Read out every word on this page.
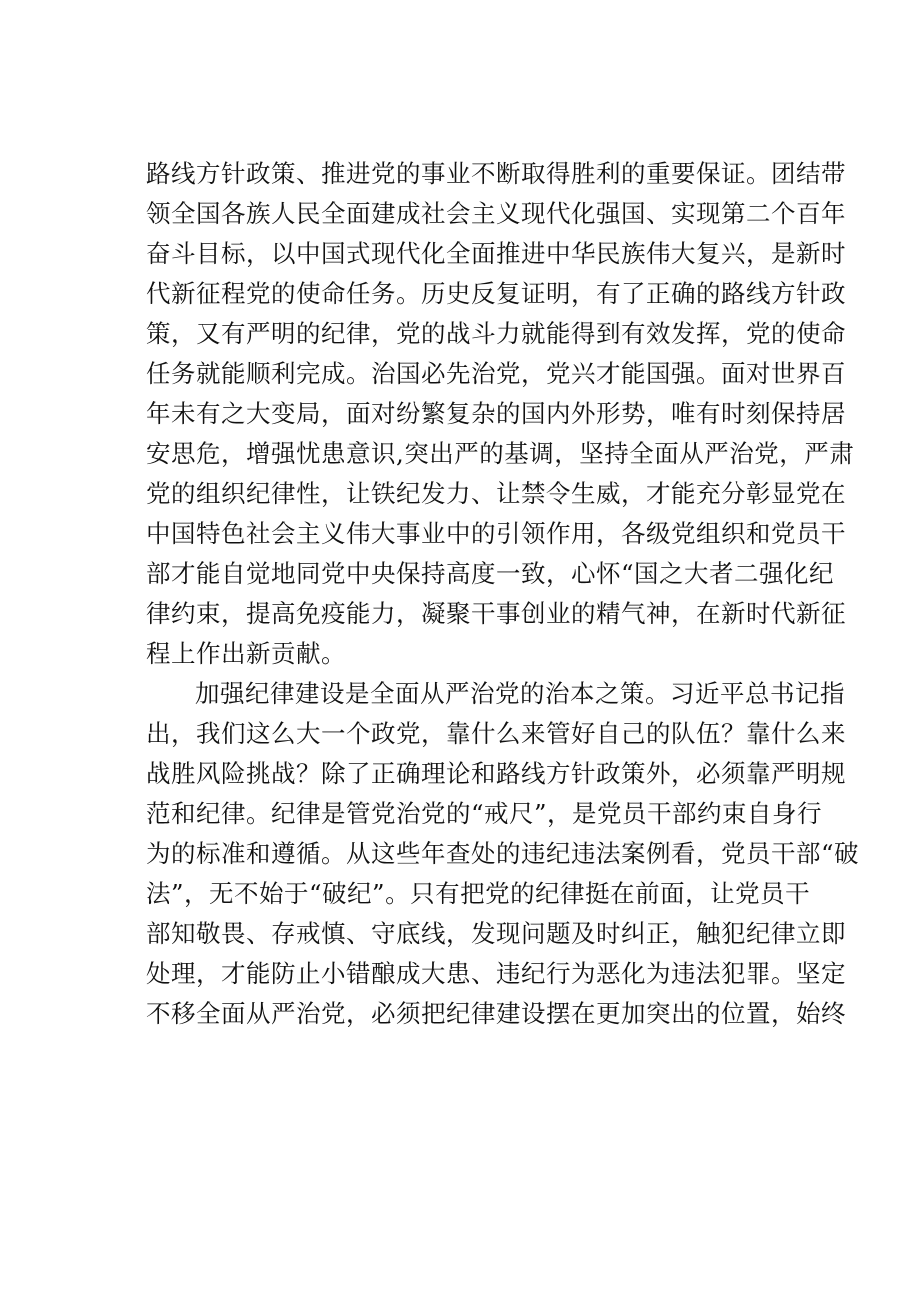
路线方针政策、推进党的事业不断取得胜利的重要保证。团结带
领全国各族人民全面建成社会主义现代化强国、实现第二个百年
奋斗目标，以中国式现代化全面推进中华民族伟大复兴，是新时
代新征程党的使命任务。历史反复证明，有了正确的路线方针政
策，又有严明的纪律，党的战斗力就能得到有效发挥，党的使命
任务就能顺利完成。治国必先治党，党兴才能国强。面对世界百
年未有之大变局，面对纷繁复杂的国内外形势，唯有时刻保持居
安思危，增强忧患意识,突出严的基调，坚持全面从严治党，严肃
党的组织纪律性，让铁纪发力、让禁令生威，才能充分彰显党在
中国特色社会主义伟大事业中的引领作用，各级党组织和党员干
部才能自觉地同党中央保持高度一致，心怀“国之大者二强化纪
律约束，提高免疫能力，凝聚干事创业的精气神，在新时代新征
程上作出新贡献。
加强纪律建设是全面从严治党的治本之策。习近平总书记指
出，我们这么大一个政党，靠什么来管好自己的队伍？靠什么来
战胜风险挑战？除了正确理论和路线方针政策外，必须靠严明规
范和纪律。纪律是管党治党的“戒尺”，是党员干部约束自身行
为的标准和遵循。从这些年查处的违纪违法案例看，党员干部“破
法”，无不始于“破纪”。只有把党的纪律挺在前面，让党员干
部知敬畏、存戒慎、守底线，发现问题及时纠正，触犯纪律立即
处理，才能防止小错酿成大患、违纪行为恶化为违法犯罪。坚定
不移全面从严治党，必须把纪律建设摆在更加突出的位置，始终
